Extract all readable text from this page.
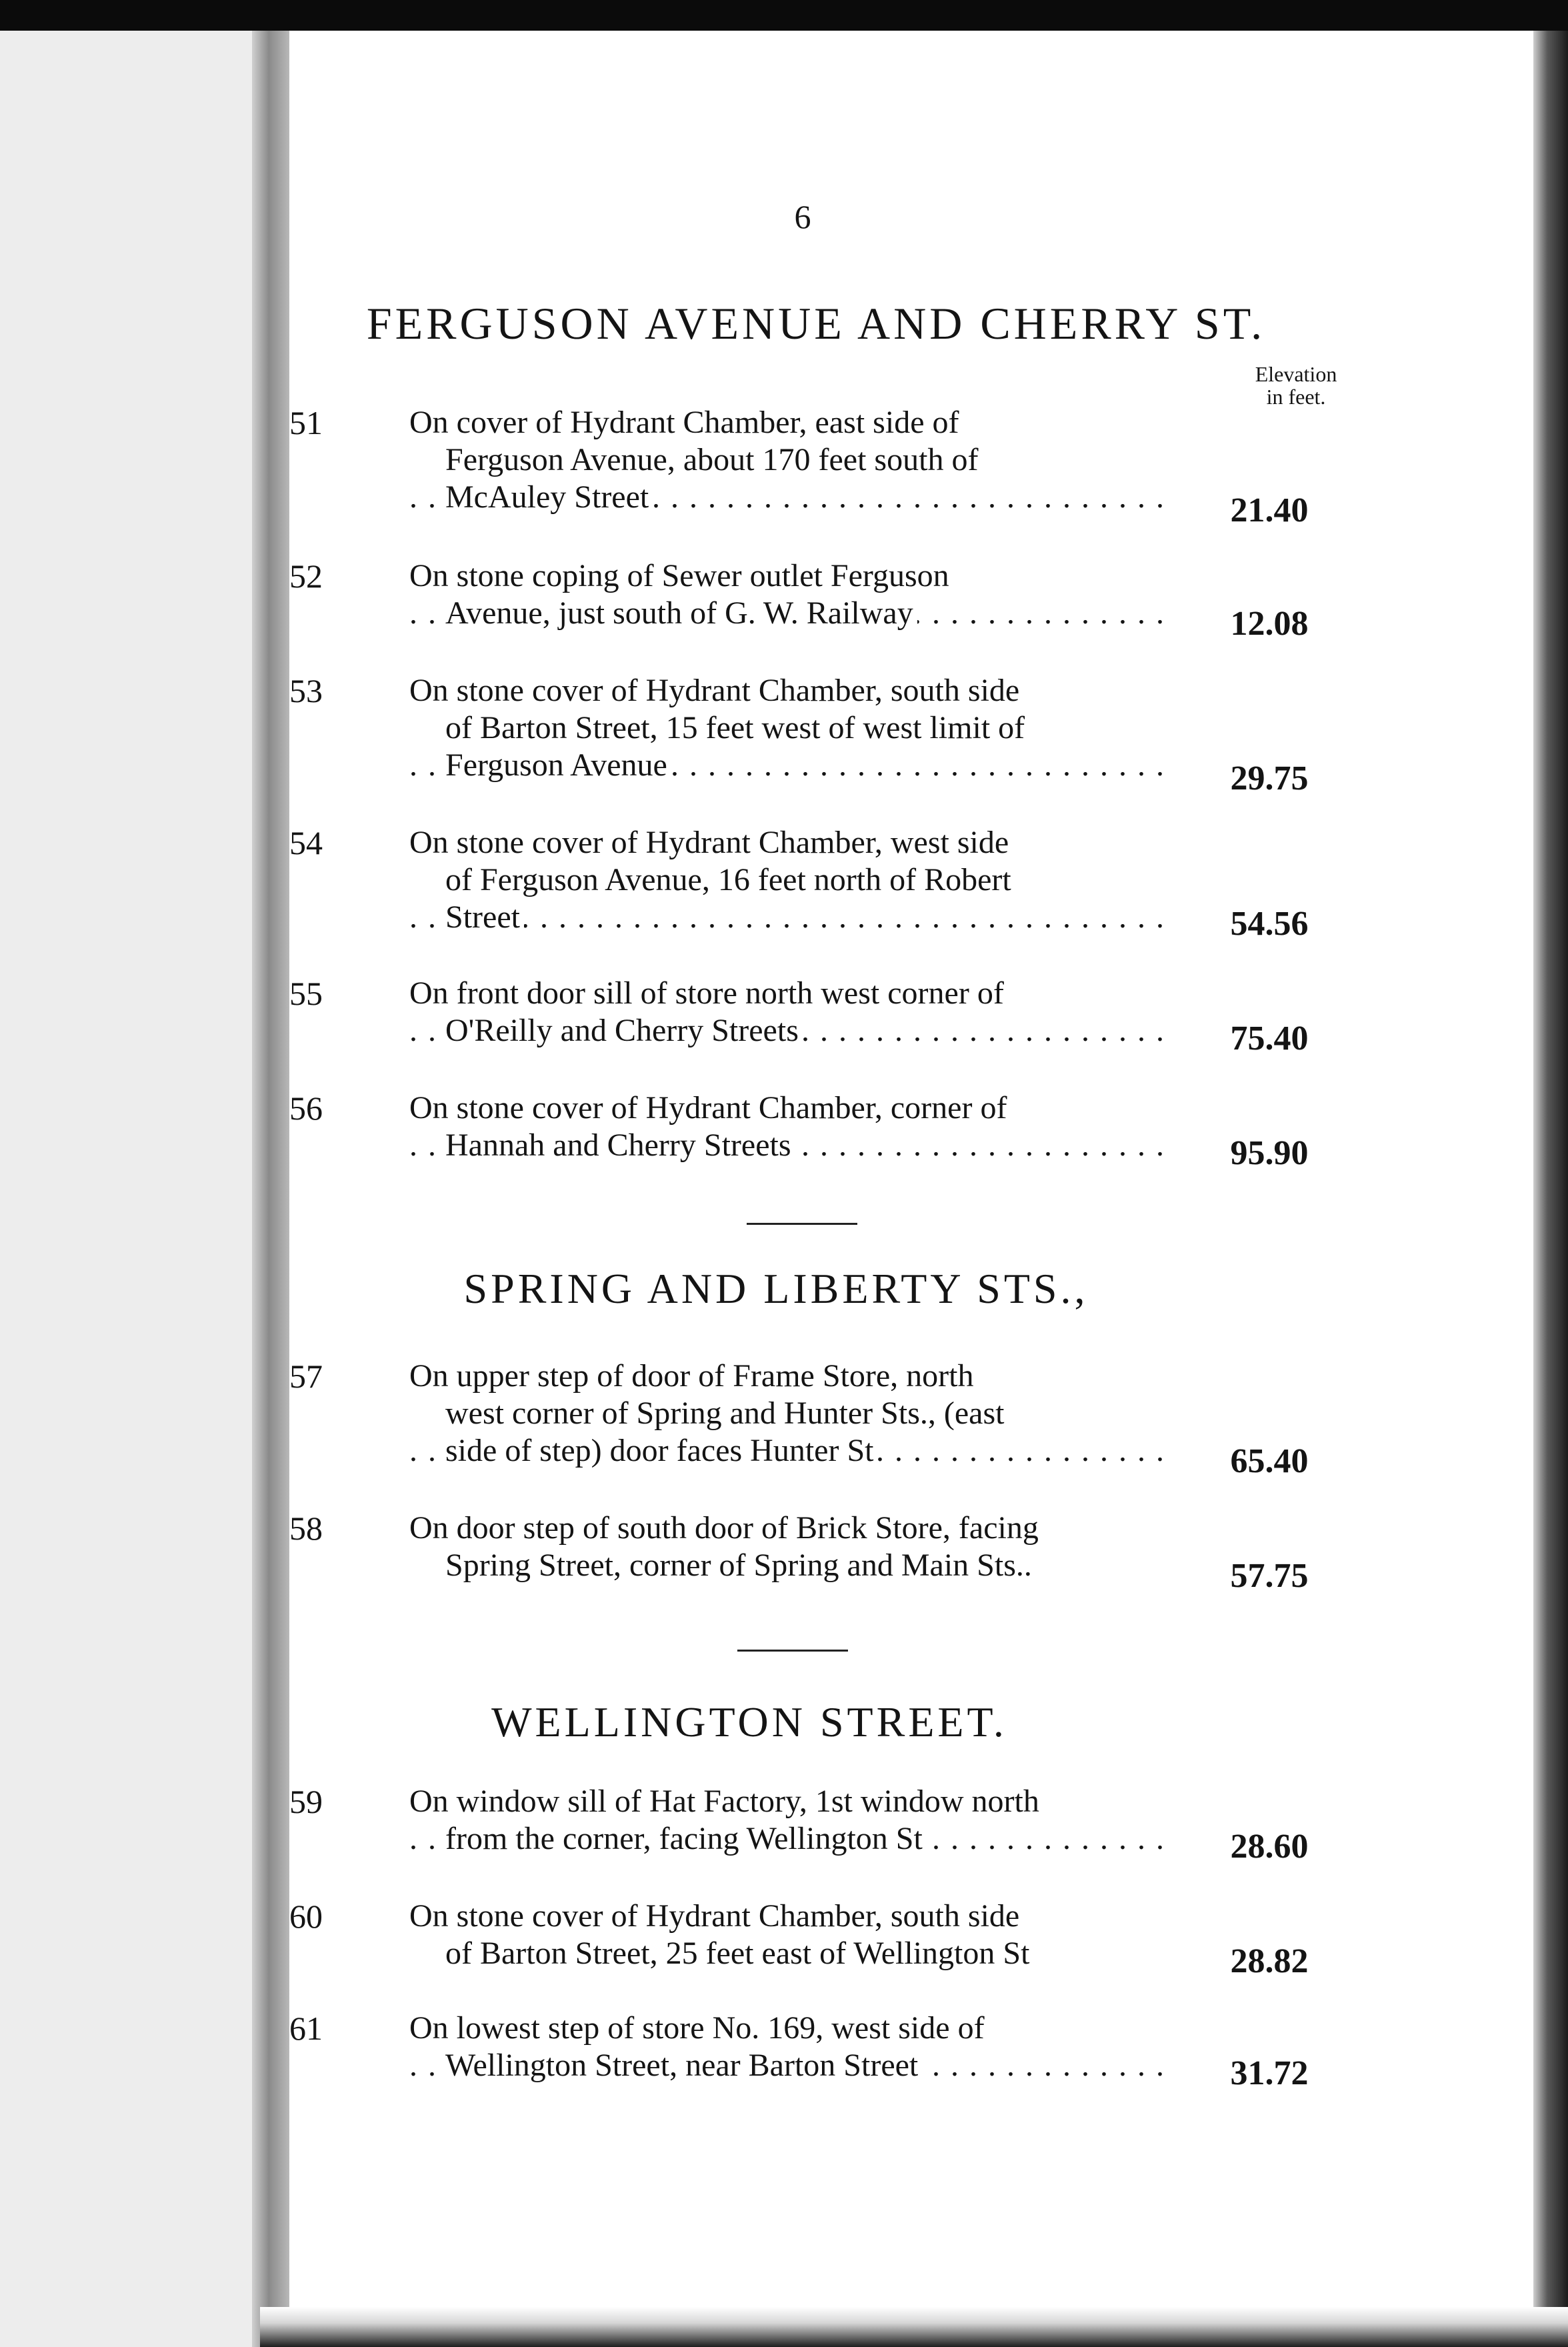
6
FERGUSON AVENUE AND CHERRY ST.
Elevation
in feet.
51	On cover of Hydrant Chamber, east side of
Ferguson Avenue, about 170 feet south of
McAuley Street . . .	21.40
52	On stone coping of Sewer outlet Ferguson
Avenue, just south of G. W. Railway . . .	12.08
53	On stone cover of Hydrant Chamber, south side
of Barton Street, 15 feet west of west limit of
Ferguson Avenue . . .	29.75
54	On stone cover of Hydrant Chamber, west side
of Ferguson Avenue, 16 feet north of Robert
Street . . .	54.56
55	On front door sill of store north west corner of
O'Reilly and Cherry Streets . . .	75.40
56	On stone cover of Hydrant Chamber, corner of
Hannah and Cherry Streets . . .	95.90
SPRING AND LIBERTY STS.,
57	On upper step of door of Frame Store, north
west corner of Spring and Hunter Sts., (east
side of step) door faces Hunter St . . .	65.40
58	On door step of south door of Brick Store, facing
Spring Street, corner of Spring and Main Sts..	57.75
WELLINGTON STREET.
59	On window sill of Hat Factory, 1st window north
from the corner, facing Wellington St . . .	28.60
60	On stone cover of Hydrant Chamber, south side
of Barton Street, 25 feet east of Wellington St	28.82
61	On lowest step of store No. 169, west side of
Wellington Street, near Barton Street . . .	31.72
